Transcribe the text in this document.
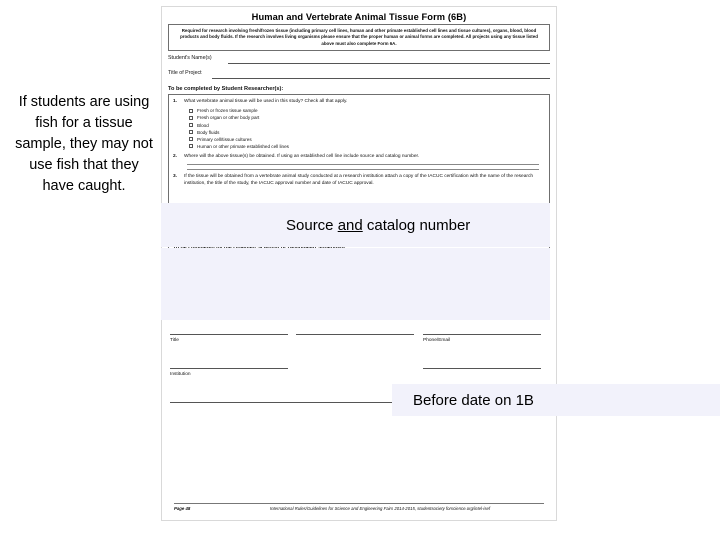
If students are using fish for a tissue sample, they may not use fish that they have caught.
Human and Vertebrate Animal Tissue Form (6B)
Required for research involving fresh/frozen tissue (including primary cell lines, human and other primate established cell lines and tissue cultures), organs, blood, blood products and body fluids. If the research involves living organisms please ensure that the proper human or animal forms are completed. All projects using any tissue listed above must also complete Form 6A.
Student's Name(s)
Title of Project
To be completed by Student Researcher(s):
1. What vertebrate animal tissue will be used in this study? Check all that apply.
Fresh or frozen tissue sample
Fresh organ or other body part
Blood
Body fluids
Primary cell/tissue cultures
Human or other primate established cell lines
2. Where will the above tissue(s) be obtained. If using an established cell line include source and catalog number.
3. If the tissue will be obtained from a vertebrate animal study conducted at a research institution attach a copy of the IACUC certification with the name of the research institution, the title of the study, the IACUC approval number and date of IACUC approval.
Title	Phone/Email
Institution
Page 48	International Rules/Guidelines for Science and Engineering Fairs 2014-2015, studentsociety forscience.org/intel-isef
Source and catalog number
Before date on 1B
